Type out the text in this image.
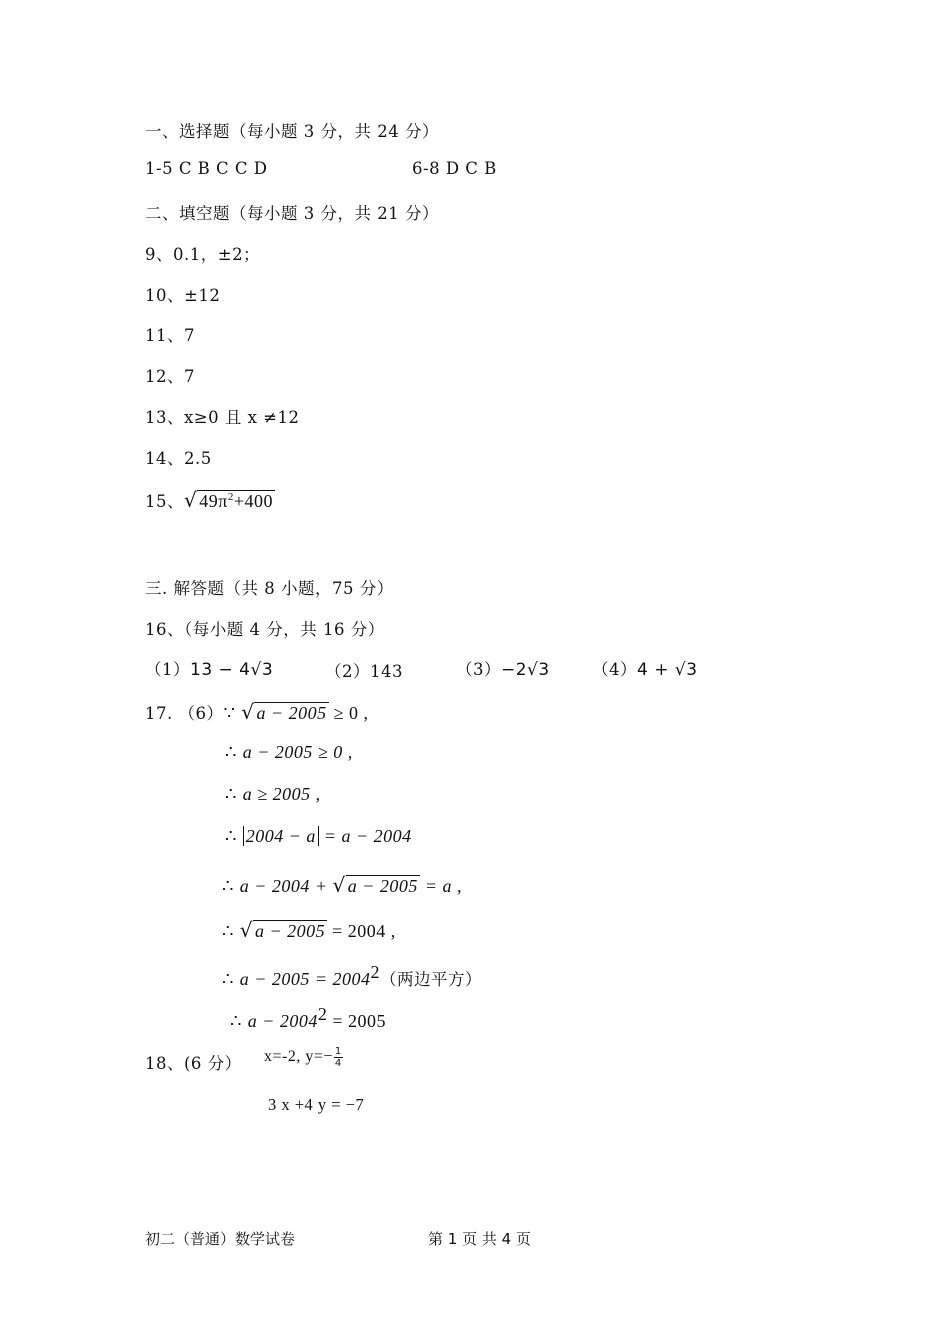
一、选择题（每小题 3 分，共 24 分）
1-5 C B C C D	6-8 D C B
二、填空题（每小题 3 分，共 21 分）
9、0.1，±2；
10、±12
11、7
12、7
13、x≥0 且 x ≠12
14、2.5
15、√ $49\pi^2+400$
三. 解答题（共 8 小题，75 分）
16、（每小题 4 分，共 16 分）
（1）13 − 4√3	（2）143	（3）−2√3	（4）4 + √3
17. （6）∵ √ a − 2005 ≥ 0 ,
∴ a − 2005 ≥ 0 ,
∴ a ≥ 2005 ,
∴ 2004 − a = a − 2004
∴ a − 2004 + √ a − 2005 = a ,
∴ √ a − 2005 = 2004 ,
∴ $a - 2005 = 2004^2$（两边平方）
∴ $a - 2004^2 = 2005$
18、(6 分） x=-2, $y=- \frac{1}{4}$
3 x +4 y = −7
初二（普通）数学试卷	第 1 页 共 4 页
